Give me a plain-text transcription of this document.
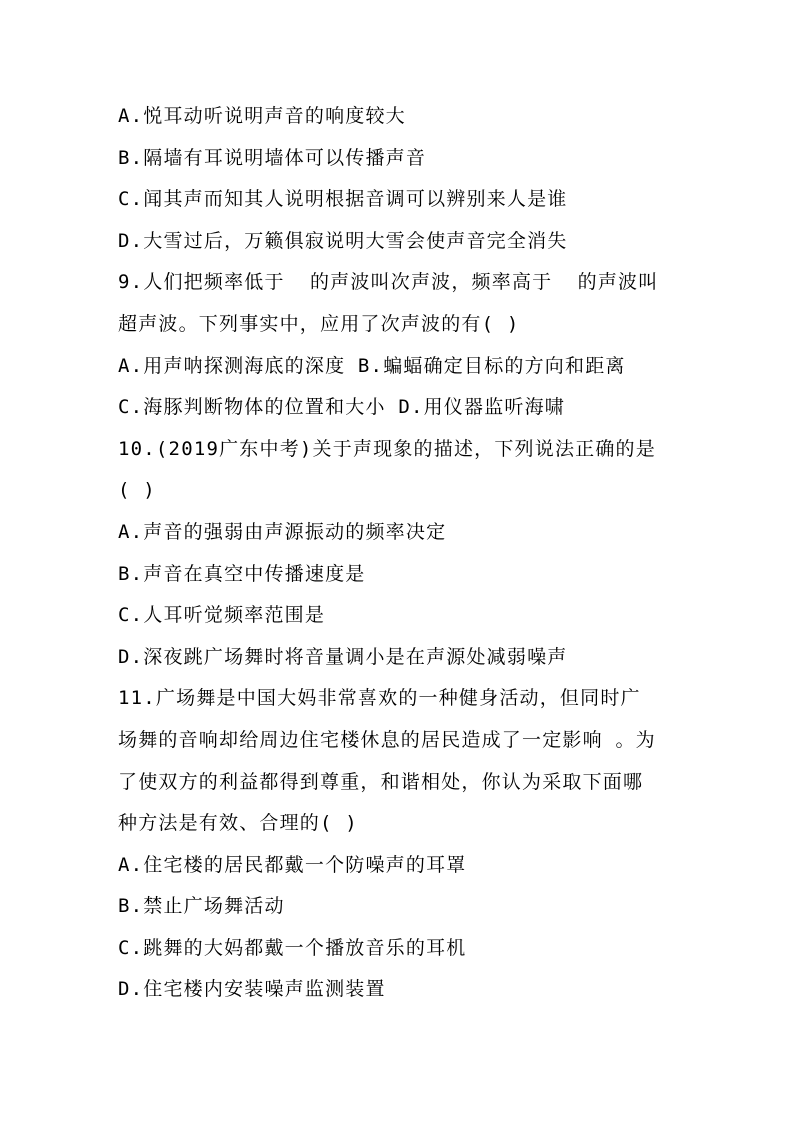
A.悦耳动听说明声音的响度较大
B.隔墙有耳说明墙体可以传播声音
C.闻其声而知其人说明根据音调可以辨别来人是谁
D.大雪过后，万籁俱寂说明大雪会使声音完全消失
9.人们把频率低于  的声波叫次声波，频率高于  的声波叫
超声波。下列事实中，应用了次声波的有( )
A.用声呐探测海底的深度 B.蝙蝠确定目标的方向和距离
C.海豚判断物体的位置和大小 D.用仪器监听海啸
10.(2019广东中考)关于声现象的描述，下列说法正确的是
( )
A.声音的强弱由声源振动的频率决定
B.声音在真空中传播速度是
C.人耳听觉频率范围是
D.深夜跳广场舞时将音量调小是在声源处减弱噪声
11.广场舞是中国大妈非常喜欢的一种健身活动，但同时广
场舞的音响却给周边住宅楼休息的居民造成了一定影响 。为
了使双方的利益都得到尊重，和谐相处，你认为采取下面哪
种方法是有效、合理的( )
A.住宅楼的居民都戴一个防噪声的耳罩
B.禁止广场舞活动
C.跳舞的大妈都戴一个播放音乐的耳机
D.住宅楼内安装噪声监测装置
